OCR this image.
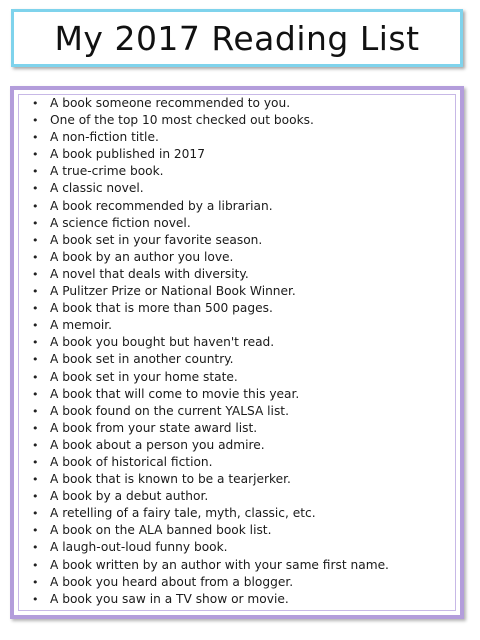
My 2017 Reading List
• A book someone recommended to you.
• One of the top 10 most checked out books.
• A non-fiction title.
• A book published in 2017
• A true-crime book.
• A classic novel.
• A book recommended by a librarian.
• A science fiction novel.
• A book set in your favorite season.
• A book by an author you love.
• A novel that deals with diversity.
• A Pulitzer Prize or National Book Winner.
• A book that is more than 500 pages.
• A memoir.
• A book you bought but haven't read.
• A book set in another country.
• A book set in your home state.
• A book that will come to movie this year.
• A book found on the current YALSA list.
• A book from your state award list.
• A book about a person you admire.
• A book of historical fiction.
• A book that is known to be a tearjerker.
• A book by a debut author.
• A retelling of a fairy tale, myth, classic, etc.
• A book on the ALA banned book list.
• A laugh-out-loud funny book.
• A book written by an author with your same first name.
• A book you heard about from a blogger.
• A book you saw in a TV show or movie.
